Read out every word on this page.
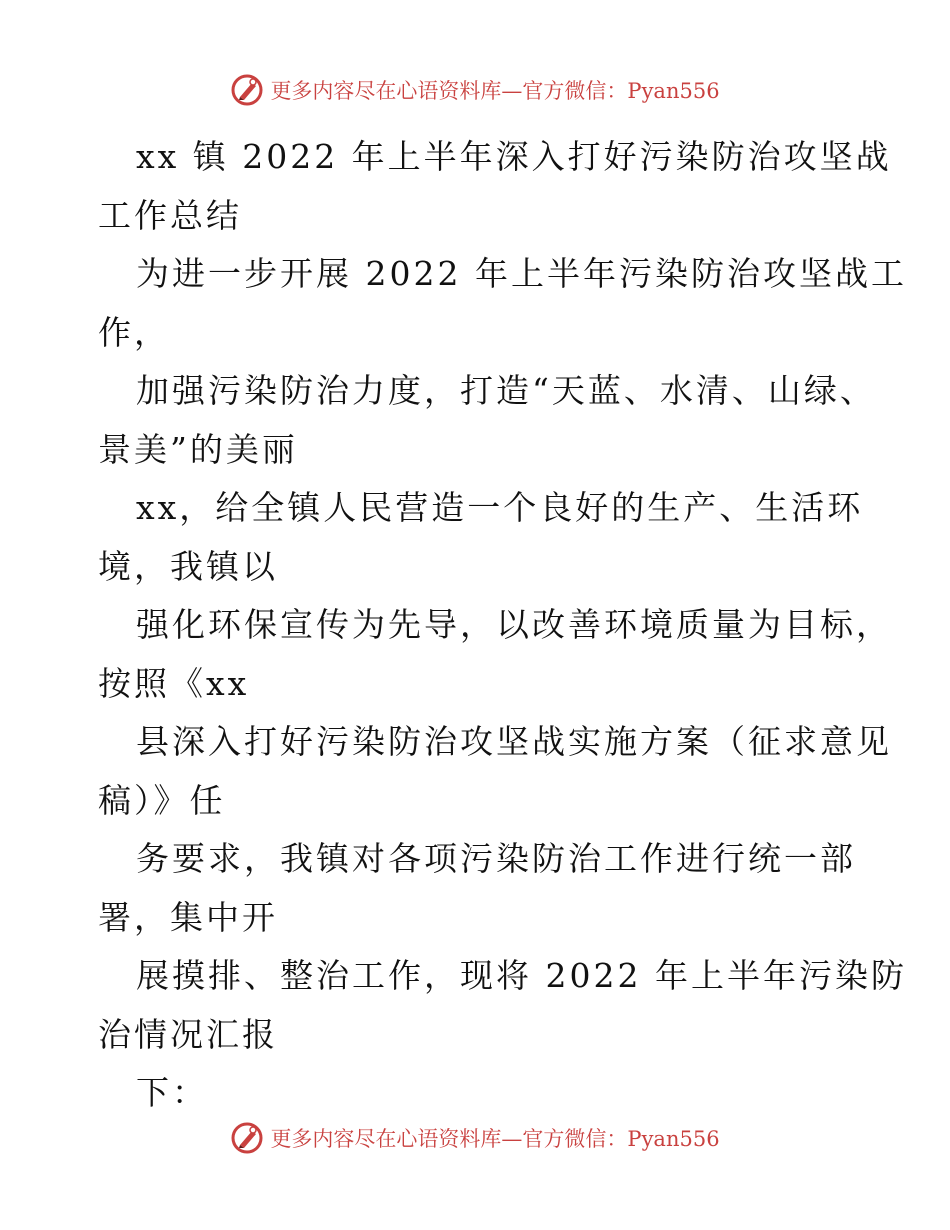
更多内容尽在心语资料库—官方微信：Pyan556
xx 镇 2022 年上半年深入打好污染防治攻坚战
工作总结
为进一步开展 2022 年上半年污染防治攻坚战工
作，
加强污染防治力度，打造“天蓝、水清、山绿、
景美”的美丽
xx，给全镇人民营造一个良好的生产、生活环
境，我镇以
强化环保宣传为先导，以改善环境质量为目标，
按照《xx
县深入打好污染防治攻坚战实施方案（征求意见
稿）》任
务要求，我镇对各项污染防治工作进行统一部
署，集中开
展摸排、整治工作，现将 2022 年上半年污染防
治情况汇报
下：
更多内容尽在心语资料库—官方微信：Pyan556
